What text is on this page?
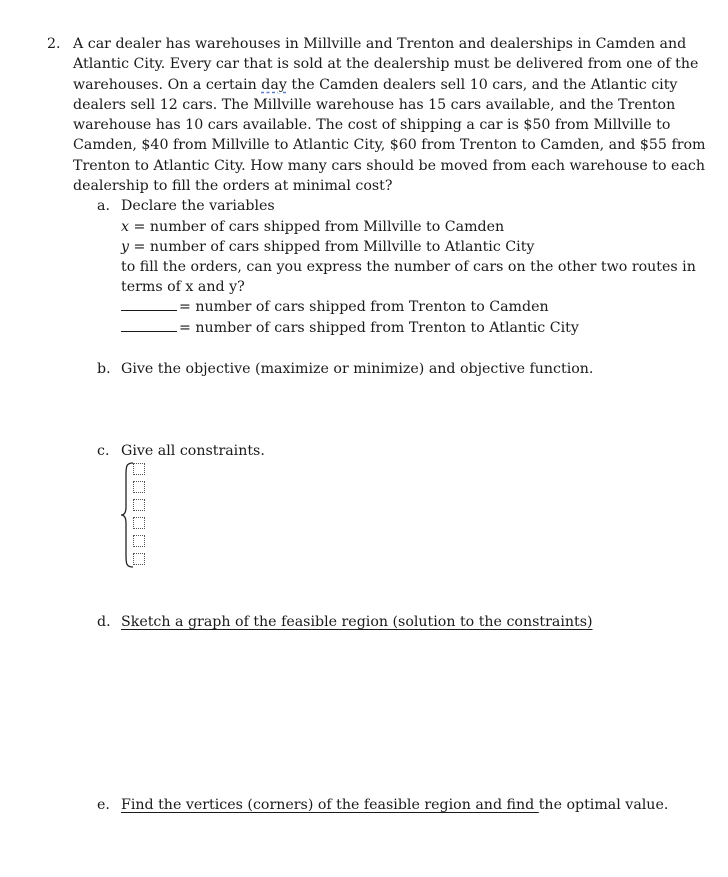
2. A car dealer has warehouses in Millville and Trenton and dealerships in Camden and
Atlantic City. Every car that is sold at the dealership must be delivered from one of the
warehouses. On a certain day the Camden dealers sell 10 cars, and the Atlantic city
dealers sell 12 cars. The Millville warehouse has 15 cars available, and the Trenton
warehouse has 10 cars available. The cost of shipping a car is $50 from Millville to
Camden, $40 from Millville to Atlantic City, $60 from Trenton to Camden, and $55 from
Trenton to Atlantic City. How many cars should be moved from each warehouse to each
dealership to fill the orders at minimal cost?
a. Declare the variables
x = number of cars shipped from Millville to Camden
y = number of cars shipped from Millville to Atlantic City
to fill the orders, can you express the number of cars on the other two routes in
terms of x and y?
= number of cars shipped from Trenton to Camden
= number of cars shipped from Trenton to Atlantic City
b. Give the objective (maximize or minimize) and objective function.
c. Give all constraints.
d. Sketch a graph of the feasible region (solution to the constraints)
e. Find the vertices (corners) of the feasible region and find the optimal value.
